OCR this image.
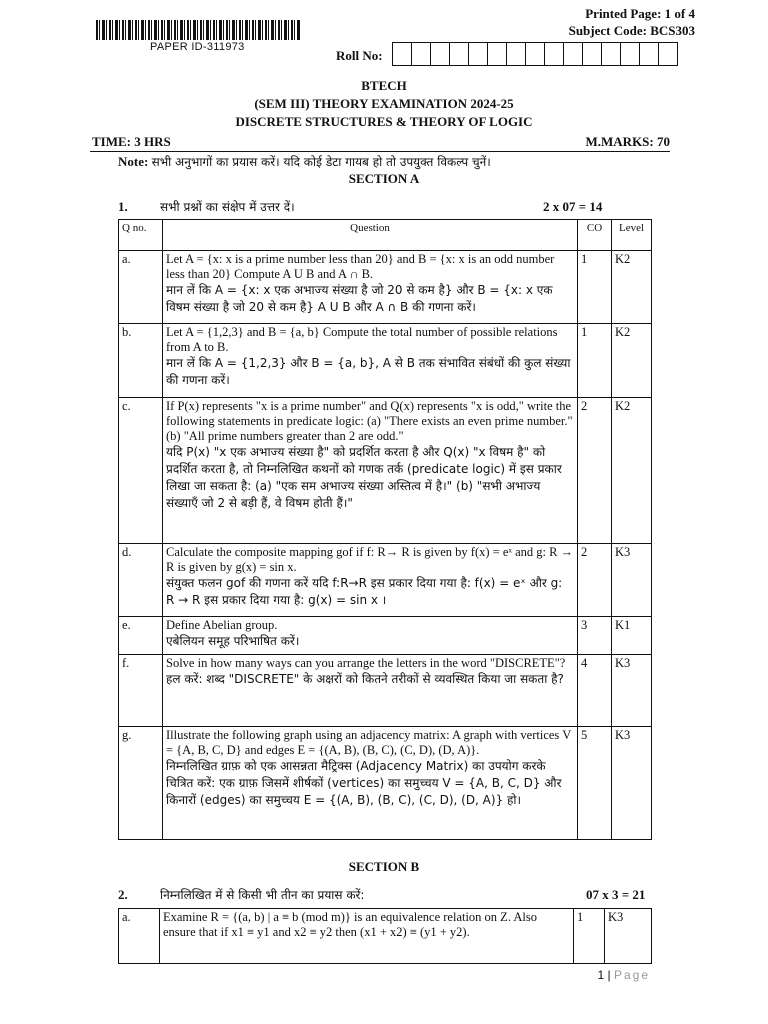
PAPER ID-311973
Printed Page: 1 of 4
Subject Code: BCS303
Roll No:
BTECH
(SEM III) THEORY EXAMINATION 2024-25
DISCRETE STRUCTURES & THEORY OF LOGIC
TIME: 3 HRS	M.MARKS: 70
Note: सभी अनुभागों का प्रयास करें। यदि कोई डेटा गायब हो तो उपयुक्त विकल्प चुनें।
SECTION A
1.	सभी प्रश्नों का संक्षेप में उत्तर दें।	2 x 07 = 14
Q no.	Question	CO	Level
a.	Let A = {x: x is a prime number less than 20} and B = {x: x is an odd number less than 20} Compute A U B and A ∩ B.
मान लें कि A = {x: x एक अभाज्य संख्या है जो 20 से कम है} और B = {x: x एक विषम संख्या है जो 20 से कम है} A U B और A ∩ B की गणना करें।	1	K2
b.	Let A = {1,2,3} and B = {a, b} Compute the total number of possible relations from A to B.
मान लें कि A = {1,2,3} और B = {a, b}, A से B तक संभावित संबंधों की कुल संख्या की गणना करें।	1	K2
c.	If P(x) represents "x is a prime number" and Q(x) represents "x is odd," write the following statements in predicate logic: (a) "There exists an even prime number." (b) "All prime numbers greater than 2 are odd."
यदि P(x) "x एक अभाज्य संख्या है" को प्रदर्शित करता है और Q(x) "x विषम है" को प्रदर्शित करता है, तो निम्नलिखित कथनों को गणक तर्क (predicate logic) में इस प्रकार लिखा जा सकता है: (a) "एक सम अभाज्य संख्या अस्तित्व में है।" (b) "सभी अभाज्य संख्याएँ जो 2 से बड़ी हैं, वे विषम होती हैं।"	2	K2
d.	Calculate the composite mapping gof if f: R→ R is given by f(x) = eˣ and g: R → R is given by g(x) = sin x.
संयुक्त फलन gof की गणना करें यदि f:R→R इस प्रकार दिया गया है: f(x) = eˣ और g: R → R इस प्रकार दिया गया है: g(x) = sin x ।	2	K3
e.	Define Abelian group.
एबेलियन समूह परिभाषित करें।	3	K1
f.	Solve in how many ways can you arrange the letters in the word "DISCRETE"?
हल करें: शब्द "DISCRETE" के अक्षरों को कितने तरीकों से व्यवस्थित किया जा सकता है?	4	K3
g.	Illustrate the following graph using an adjacency matrix: A graph with vertices V = {A, B, C, D} and edges E = {(A, B), (B, C), (C, D), (D, A)}.
निम्नलिखित ग्राफ़ को एक आसन्नता मैट्रिक्स (Adjacency Matrix) का उपयोग करके चित्रित करें: एक ग्राफ़ जिसमें शीर्षकों (vertices) का समुच्चय V = {A, B, C, D} और किनारों (edges) का समुच्चय E = {(A, B), (B, C), (C, D), (D, A)} हो।	5	K3
SECTION B
2.	निम्नलिखित में से किसी भी तीन का प्रयास करें:	07 x 3 = 21
a.	Examine R = {(a, b) | a ≡ b (mod m)} is an equivalence relation on Z. Also
ensure that if x1 ≡ y1 and x2 ≡ y2 then (x1 + x2) ≡ (y1 + y2).
	1	K3
1 | Page
